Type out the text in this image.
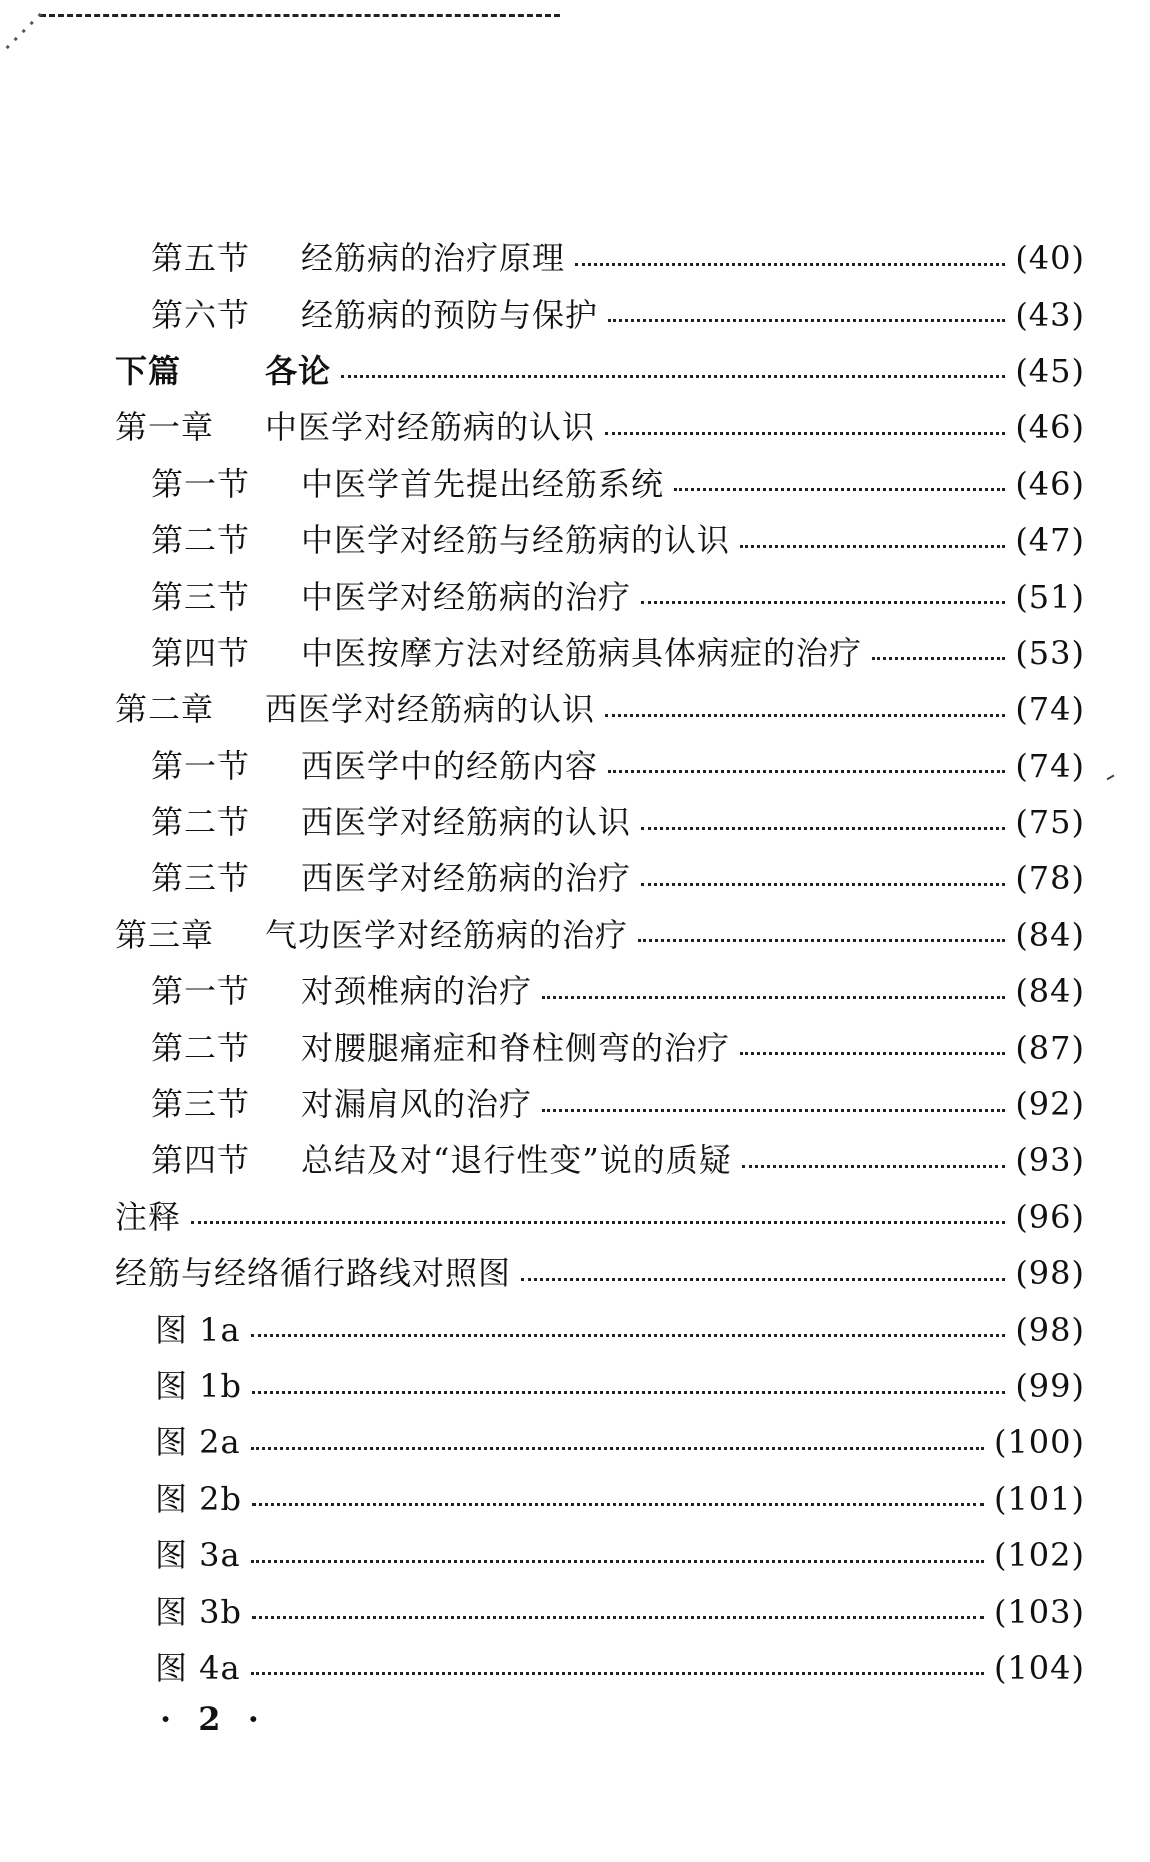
第五节	经筋病的治疗原理	(40)
第六节	经筋病的预防与保护	(43)
下篇	各论	(45)
第一章	中医学对经筋病的认识	(46)
第一节	中医学首先提出经筋系统	(46)
第二节	中医学对经筋与经筋病的认识	(47)
第三节	中医学对经筋病的治疗	(51)
第四节	中医按摩方法对经筋病具体病症的治疗	(53)
第二章	西医学对经筋病的认识	(74)
第一节	西医学中的经筋内容	(74)
第二节	西医学对经筋病的认识	(75)
第三节	西医学对经筋病的治疗	(78)
第三章	气功医学对经筋病的治疗	(84)
第一节	对颈椎病的治疗	(84)
第二节	对腰腿痛症和脊柱侧弯的治疗	(87)
第三节	对漏肩风的治疗	(92)
第四节	总结及对“退行性变”说的质疑	(93)
注释	(96)
经筋与经络循行路线对照图	(98)
图 1a	(98)
图 1b	(99)
图 2a	(100)
图 2b	(101)
图 3a	(102)
图 3b	(103)
图 4a	(104)
· 2 ·
